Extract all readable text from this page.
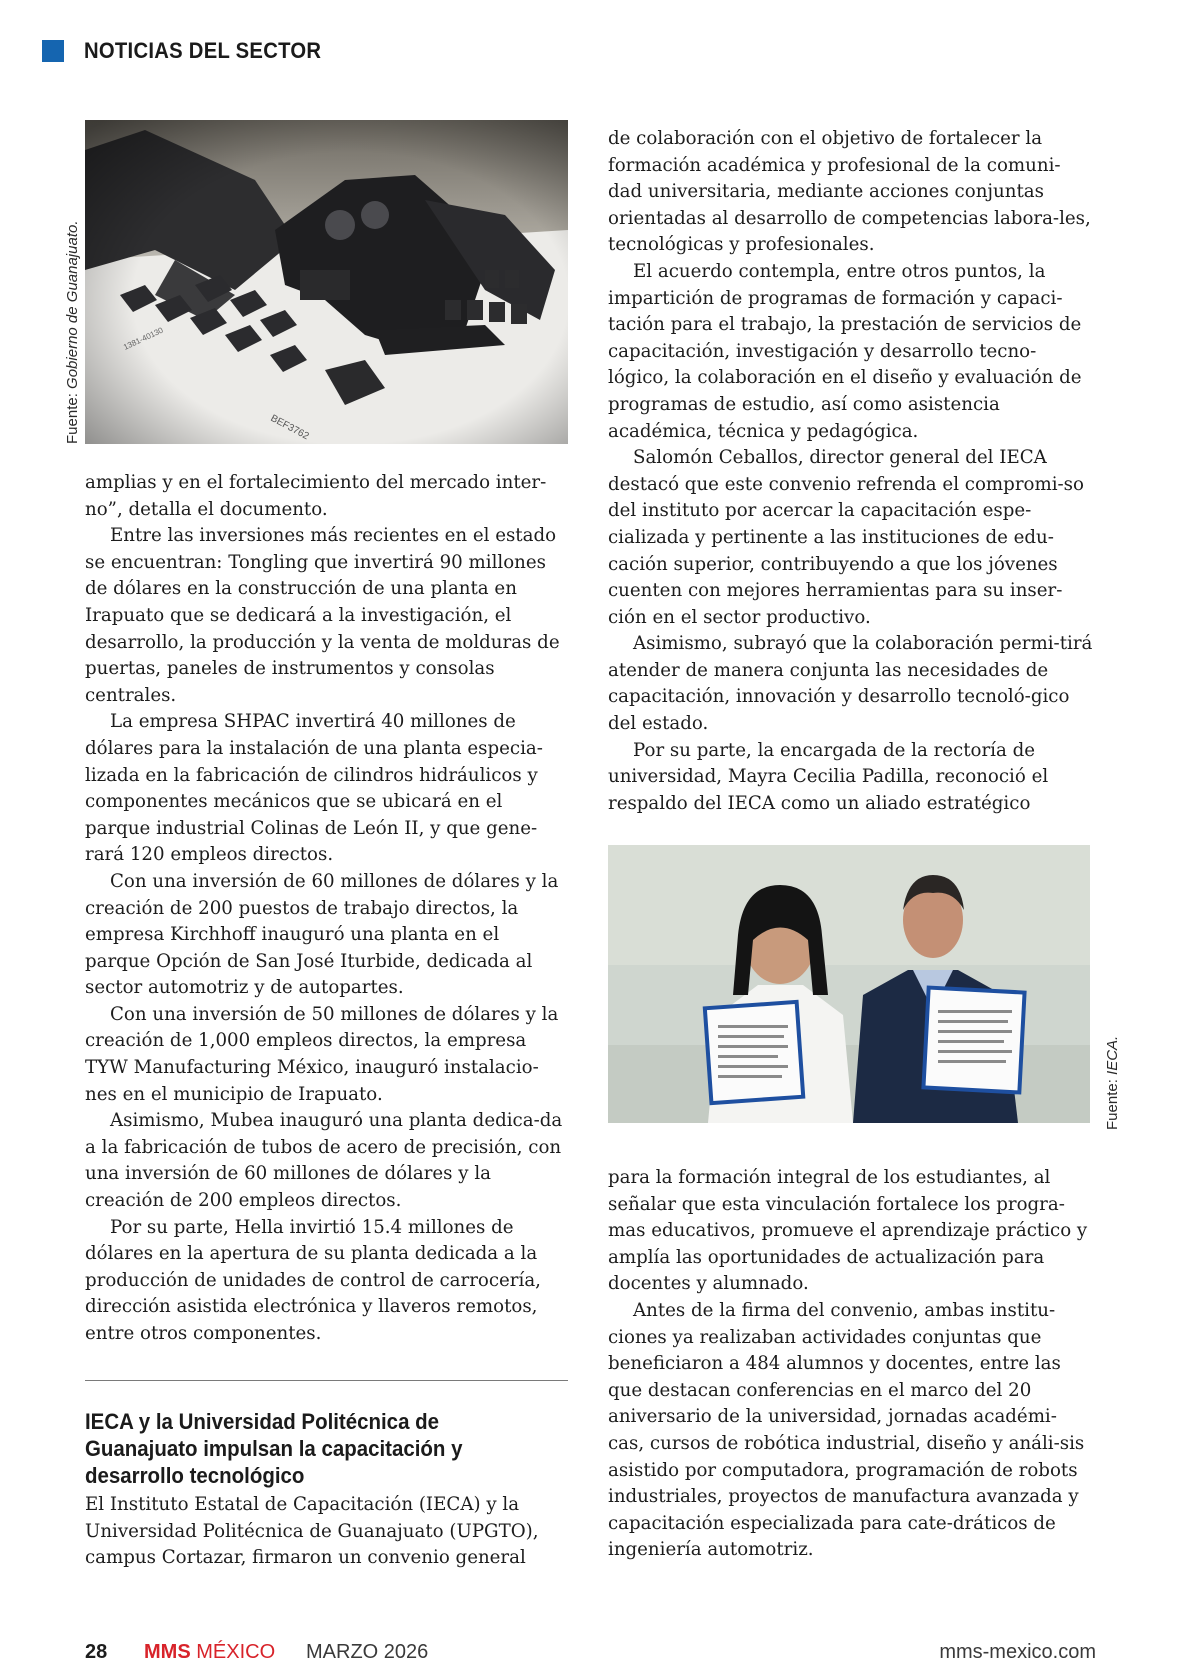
NOTICIAS DEL SECTOR
Fuente: Gobierno de Guanajuato.

amplias y en el fortalecimiento del mercado inter-no”, detalla el documento.

Entre las inversiones más recientes en el estado se encuentran: Tongling que invertirá 90 millones de dólares en la construcción de una planta en Irapuato que se dedicará a la investigación, el desarrollo, la producción y la venta de molduras de puertas, paneles de instrumentos y consolas centrales.

La empresa SHPAC invertirá 40 millones de dólares para la instalación de una planta especia-lizada en la fabricación de cilindros hidráulicos y componentes mecánicos que se ubicará en el parque industrial Colinas de León II, y que gene-rará 120 empleos directos.

Con una inversión de 60 millones de dólares y la creación de 200 puestos de trabajo directos, la empresa Kirchhoff inauguró una planta en el parque Opción de San José Iturbide, dedicada al sector automotriz y de autopartes.

Con una inversión de 50 millones de dólares y la creación de 1,000 empleos directos, la empresa TYW Manufacturing México, inauguró instalacio-nes en el municipio de Irapuato.

Asimismo, Mubea inauguró una planta dedica-da a la fabricación de tubos de acero de precisión, con una inversión de 60 millones de dólares y la creación de 200 empleos directos.

Por su parte, Hella invirtió 15.4 millones de dólares en la apertura de su planta dedicada a la producción de unidades de control de carrocería, dirección asistida electrónica y llaveros remotos, entre otros componentes.

IECA y la Universidad Politécnica de Guanajuato impulsan la capacitación y desarrollo tecnológico

El Instituto Estatal de Capacitación (IECA) y la Universidad Politécnica de Guanajuato (UPGTO), campus Cortazar, firmaron un convenio general

de colaboración con el objetivo de fortalecer la formación académica y profesional de la comuni-dad universitaria, mediante acciones conjuntas orientadas al desarrollo de competencias labora-les, tecnológicas y profesionales.

El acuerdo contempla, entre otros puntos, la impartición de programas de formación y capaci-tación para el trabajo, la prestación de servicios de capacitación, investigación y desarrollo tecno-lógico, la colaboración en el diseño y evaluación de programas de estudio, así como asistencia académica, técnica y pedagógica.

Salomón Ceballos, director general del IECA destacó que este convenio refrenda el compromi-so del instituto por acercar la capacitación espe-cializada y pertinente a las instituciones de edu-cación superior, contribuyendo a que los jóvenes cuenten con mejores herramientas para su inser-ción en el sector productivo.

Asimismo, subrayó que la colaboración permi-tirá atender de manera conjunta las necesidades de capacitación, innovación y desarrollo tecnoló-gico del estado.

Por su parte, la encargada de la rectoría de universidad, Mayra Cecilia Padilla, reconoció el respaldo del IECA como un aliado estratégico

Fuente: IECA.

para la formación integral de los estudiantes, al señalar que esta vinculación fortalece los progra-mas educativos, promueve el aprendizaje práctico y amplía las oportunidades de actualización para docentes y alumnado.

Antes de la firma del convenio, ambas institu-ciones ya realizaban actividades conjuntas que beneficiaron a 484 alumnos y docentes, entre las que destacan conferencias en el marco del 20 aniversario de la universidad, jornadas académi-cas, cursos de robótica industrial, diseño y análi-sis asistido por computadora, programación de robots industriales, proyectos de manufactura avanzada y capacitación especializada para cate-dráticos de ingeniería automotriz.

28 MMS MÉXICO MARZO 2026	mms-mexico.com
